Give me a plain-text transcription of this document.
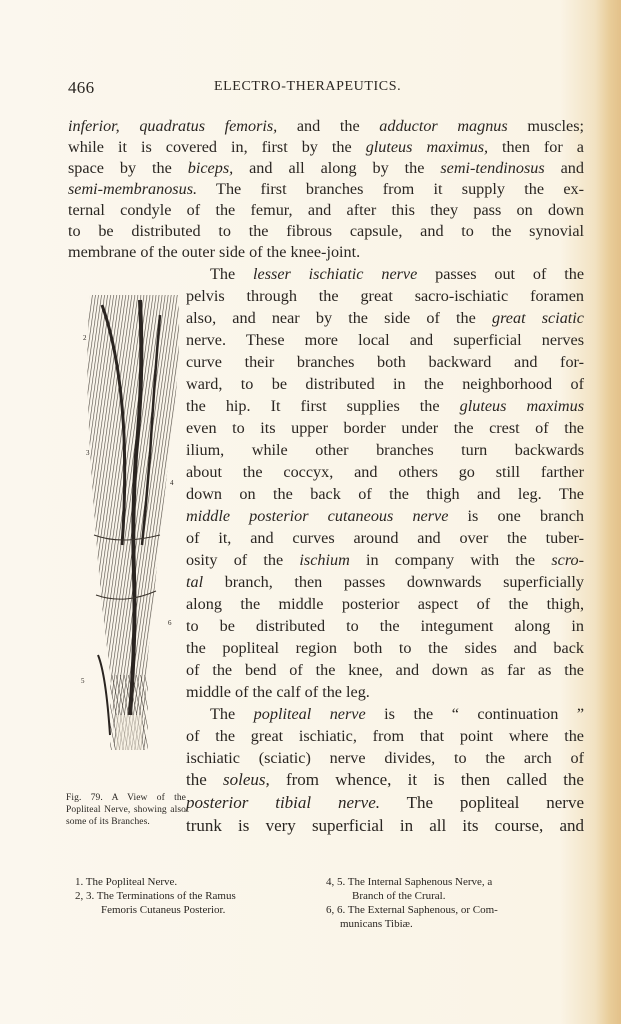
466	ELECTRO-THERAPEUTICS.
inferior, quadratus femoris, and the adductor magnus muscles;
while it is covered in, first by the gluteus maximus, then for a
space by the biceps, and all along by the semi-tendinosus and
semi-membranosus. The first branches from it supply the ex-
ternal condyle of the femur, and after this they pass on down
to be distributed to the fibrous capsule, and to the synovial
membrane of the outer side of the knee-joint.
The lesser ischiatic nerve passes out of the
pelvis through the great sacro-ischiatic foramen
also, and near by the side of the great sciatic
nerve. These more local and superficial nerves
curve their branches both backward and for-
ward, to be distributed in the neighborhood of
the hip. It first supplies the gluteus maximus
even to its upper border under the crest of the
ilium, while other branches turn backwards
about the coccyx, and others go still farther
down on the back of the thigh and leg. The
middle posterior cutaneous nerve is one branch
of it, and curves around and over the tuber-
osity of the ischium in company with the scro-
tal branch, then passes downwards superficially
along the middle posterior aspect of the thigh,
to be distributed to the integument along in
the popliteal region both to the sides and back
of the bend of the knee, and down as far as the
middle of the calf of the leg.
The popliteal nerve is the “ continuation ”
of the great ischiatic, from that point where the
ischiatic (sciatic) nerve divides, to the arch of
the soleus, from whence, it is then called the
posterior tibial nerve. The popliteal nerve
trunk is very superficial in all its course, and
1
2
3
4
5
6
Fig. 79. A View of the Popliteal Nerve, showing also some of its Branches.
1. The Popliteal Nerve.
2, 3. The Terminations of the Ramus
Femoris Cutaneus Posterior.
4, 5. The Internal Saphenous Nerve, a
Branch of the Crural.
6, 6. The External Saphenous, or Com-
municans Tibiæ.
